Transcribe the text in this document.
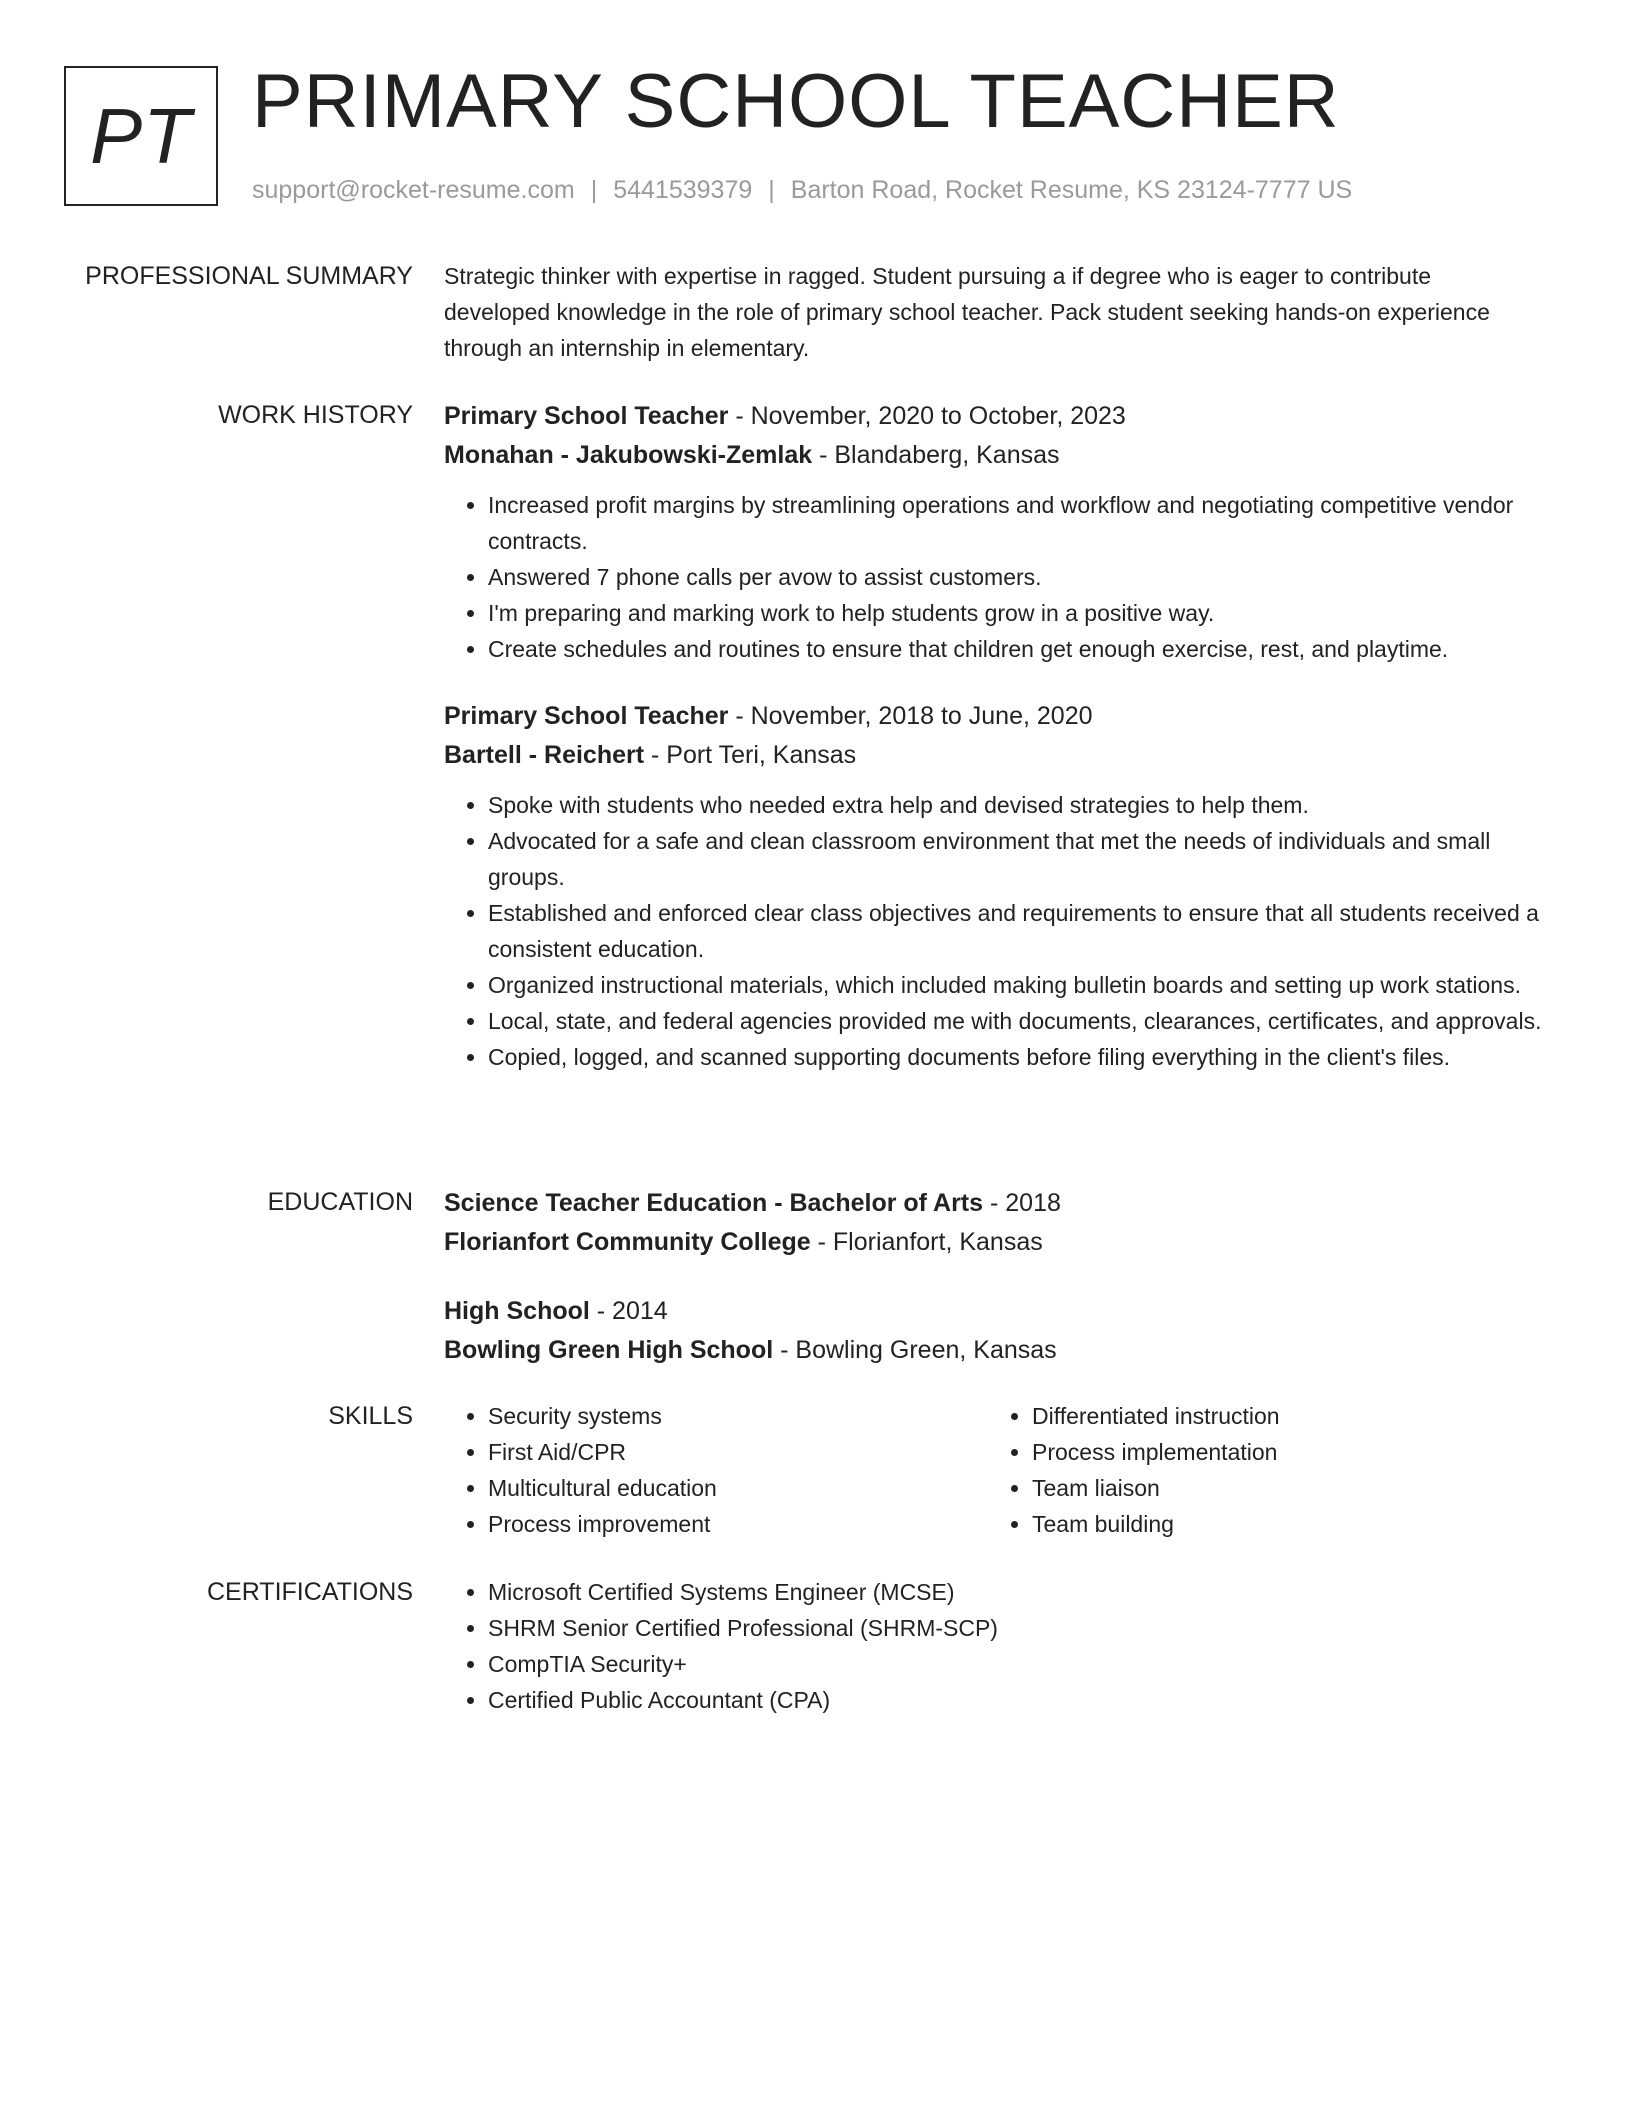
PT PRIMARY SCHOOL TEACHER
support@rocket-resume.com | 5441539379 | Barton Road, Rocket Resume, KS 23124-7777 US
PROFESSIONAL SUMMARY Strategic thinker with expertise in ragged. Student pursuing a if degree who is eager to contribute developed knowledge in the role of primary school teacher. Pack student seeking hands-on experience through an internship in elementary.
WORK HISTORY Primary School Teacher - November, 2020 to October, 2023
Monahan - Jakubowski-Zemlak - Blandaberg, Kansas
• Increased profit margins by streamlining operations and workflow and negotiating competitive vendor contracts.
• Answered 7 phone calls per avow to assist customers.
• I'm preparing and marking work to help students grow in a positive way.
• Create schedules and routines to ensure that children get enough exercise, rest, and playtime.
Primary School Teacher - November, 2018 to June, 2020
Bartell - Reichert - Port Teri, Kansas
• Spoke with students who needed extra help and devised strategies to help them.
• Advocated for a safe and clean classroom environment that met the needs of individuals and small groups.
• Established and enforced clear class objectives and requirements to ensure that all students received a consistent education.
• Organized instructional materials, which included making bulletin boards and setting up work stations.
• Local, state, and federal agencies provided me with documents, clearances, certificates, and approvals.
• Copied, logged, and scanned supporting documents before filing everything in the client's files.
EDUCATION Science Teacher Education - Bachelor of Arts - 2018
Florianfort Community College - Florianfort, Kansas
High School - 2014
Bowling Green High School - Bowling Green, Kansas
SKILLS	• Security systems
• First Aid/CPR
• Multicultural education
• Process improvement
• Differentiated instruction
• Process implementation
• Team liaison
• Team building
CERTIFICATIONS	• Microsoft Certified Systems Engineer (MCSE)
• SHRM Senior Certified Professional (SHRM-SCP)
• CompTIA Security+
• Certified Public Accountant (CPA)
